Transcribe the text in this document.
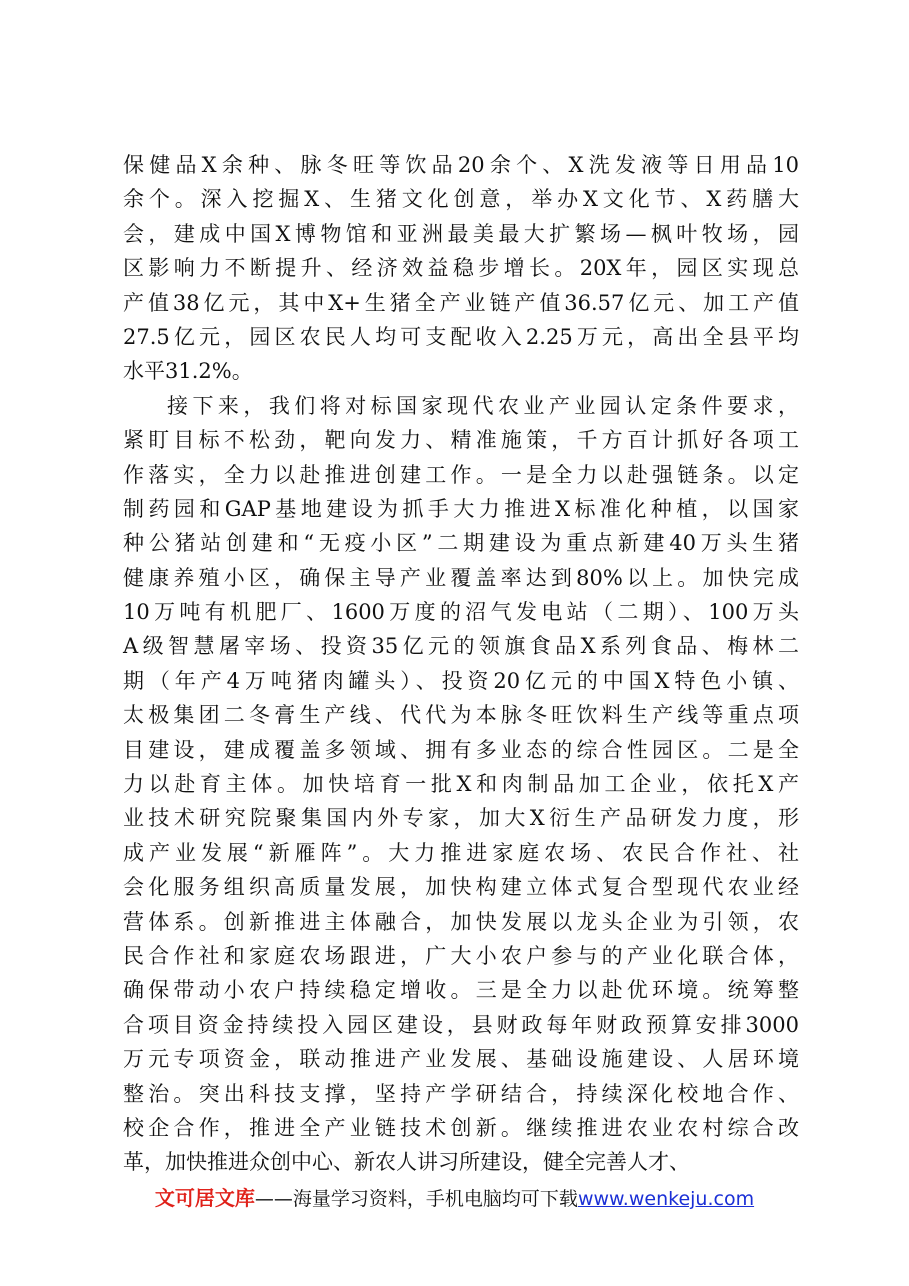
保健品X余种、脉冬旺等饮品20余个、X洗发液等日用品10
余个。深入挖掘X、生猪文化创意，举办X文化节、X药膳大
会，建成中国X博物馆和亚洲最美最大扩繁场—枫叶牧场，园
区影响力不断提升、经济效益稳步增长。20X年，园区实现总
产值38亿元，其中X+生猪全产业链产值36.57亿元、加工产值
27.5亿元，园区农民人均可支配收入2.25万元，高出全县平均
水平31.2%。
接下来，我们将对标国家现代农业产业园认定条件要求，
紧盯目标不松劲，靶向发力、精准施策，千方百计抓好各项工
作落实，全力以赴推进创建工作。一是全力以赴强链条。以定
制药园和GAP基地建设为抓手大力推进X标准化种植，以国家
种公猪站创建和“无疫小区”二期建设为重点新建40万头生猪
健康养殖小区，确保主导产业覆盖率达到80%以上。加快完成
10万吨有机肥厂、1600万度的沼气发电站（二期）、100万头
A级智慧屠宰场、投资35亿元的领旗食品X系列食品、梅林二
期（年产4万吨猪肉罐头）、投资20亿元的中国X特色小镇、
太极集团二冬膏生产线、代代为本脉冬旺饮料生产线等重点项
目建设，建成覆盖多领域、拥有多业态的综合性园区。二是全
力以赴育主体。加快培育一批X和肉制品加工企业，依托X产
业技术研究院聚集国内外专家，加大X衍生产品研发力度，形
成产业发展“新雁阵”。大力推进家庭农场、农民合作社、社
会化服务组织高质量发展，加快构建立体式复合型现代农业经
营体系。创新推进主体融合，加快发展以龙头企业为引领，农
民合作社和家庭农场跟进，广大小农户参与的产业化联合体，
确保带动小农户持续稳定增收。三是全力以赴优环境。统筹整
合项目资金持续投入园区建设，县财政每年财政预算安排3000
万元专项资金，联动推进产业发展、基础设施建设、人居环境
整治。突出科技支撑，坚持产学研结合，持续深化校地合作、
校企合作，推进全产业链技术创新。继续推进农业农村综合改
革，加快推进众创中心、新农人讲习所建设，健全完善人才、
文可居文库——海量学习资料，手机电脑均可下载www.wenkeju.com
